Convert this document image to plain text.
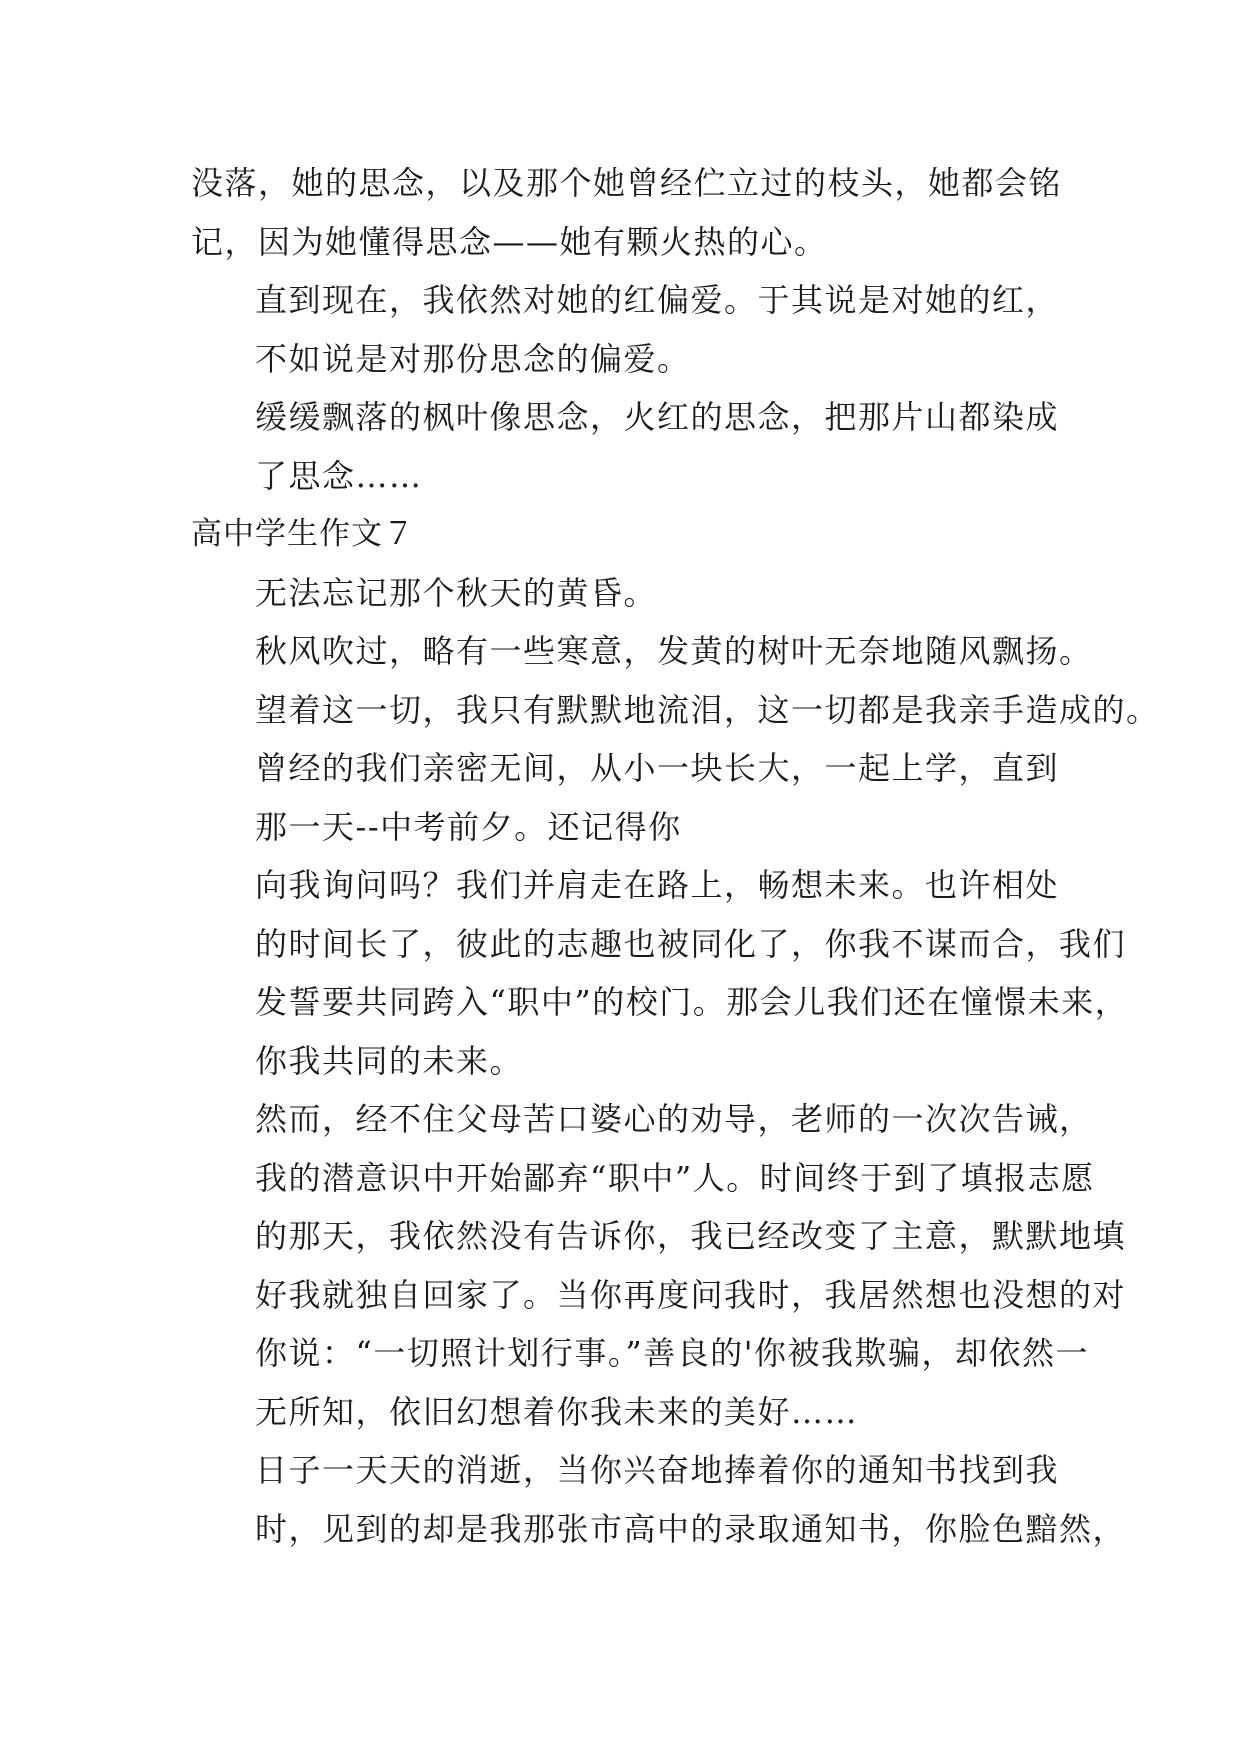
没落，她的思念，以及那个她曾经伫立过的枝头，她都会铭
记，因为她懂得思念——她有颗火热的心。

直到现在，我依然对她的红偏爱。于其说是对她的红，
不如说是对那份思念的偏爱。

缓缓飘落的枫叶像思念，火红的思念，把那片山都染成
了思念……

高中学生作文７

无法忘记那个秋天的黄昏。

秋风吹过，略有一些寒意，发黄的树叶无奈地随风飘扬。
望着这一切，我只有默默地流泪，这一切都是我亲手造成的。

曾经的我们亲密无间，从小一块长大，一起上学，直到
那一天--中考前夕。还记得你

向我询问吗？我们并肩走在路上，畅想未来。也许相处
的时间长了，彼此的志趣也被同化了，你我不谋而合，我们
发誓要共同跨入“职中”的校门。那会儿我们还在憧憬未来，
你我共同的未来。

然而，经不住父母苦口婆心的劝导，老师的一次次告诫，
我的潜意识中开始鄙弃“职中”人。时间终于到了填报志愿
的那天，我依然没有告诉你，我已经改变了主意，默默地填
好我就独自回家了。当你再度问我时，我居然想也没想的对
你说：“一切照计划行事。”善良的'你被我欺骗，却依然一
无所知，依旧幻想着你我未来的美好……

日子一天天的消逝，当你兴奋地捧着你的通知书找到我
时，见到的却是我那张市高中的录取通知书，你脸色黯然，
